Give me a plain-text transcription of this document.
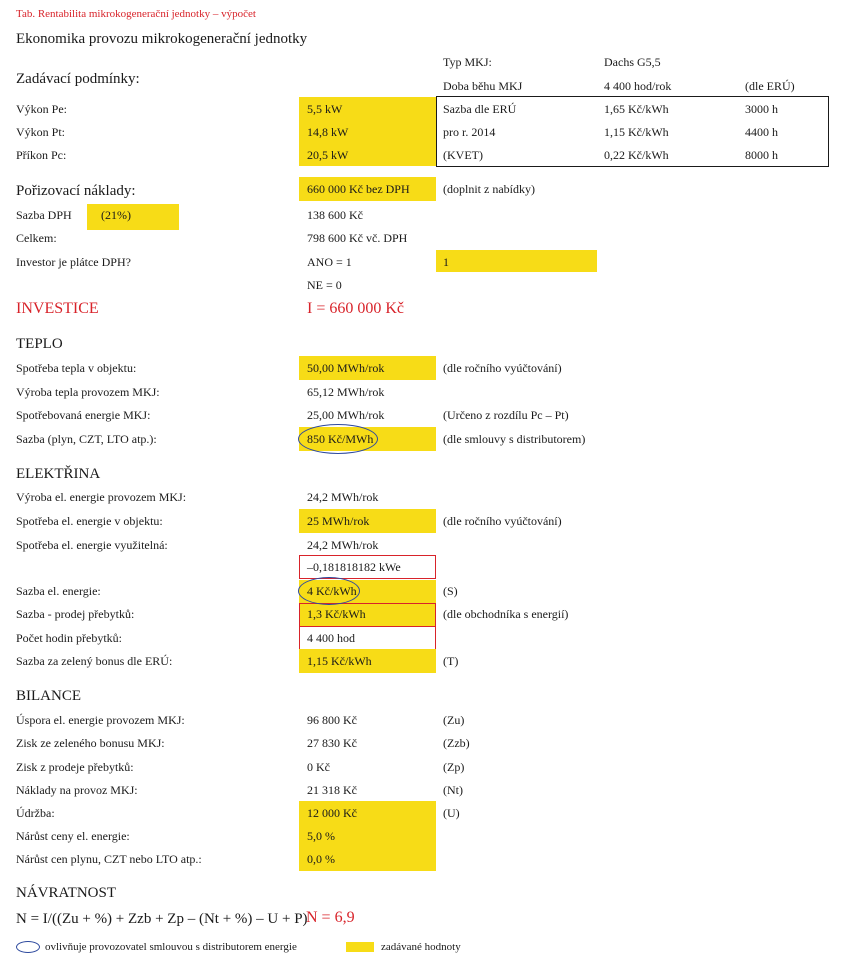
Tab. Rentabilita mikrokogenerační jednotky – výpočet
Ekonomika provozu mikrokogenerační jednotky
Typ MKJ:	Dachs G5,5
Doba běhu MKJ	4 400 hod/rok	(dle ERÚ)
Zadávací podmínky:
Výkon Pe:	5,5 kW
Výkon Pt:	14,8 kW
Příkon Pc:	20,5 kW
Sazba dle ERÚ	1,65 Kč/kWh	3000 h
pro r. 2014	1,15 Kč/kWh	4400 h
(KVET)	0,22 Kč/kWh	8000 h
Pořizovací náklady:	660 000 Kč bez DPH	(doplnit z nabídky)
Sazba DPH (21%)	138 600 Kč
Celkem:	798 600 Kč vč. DPH
Investor je plátce DPH?	ANO = 1	1
NE = 0
INVESTICE	I = 660 000 Kč
TEPLO
Spotřeba tepla v objektu:	50,00 MWh/rok	(dle ročního vyúčtování)
Výroba tepla provozem MKJ:	65,12 MWh/rok
Spotřebovaná energie MKJ:	25,00 MWh/rok	(Určeno z rozdílu Pc – Pt)
Sazba (plyn, CZT, LTO atp.):	850 Kč/MWh	(dle smlouvy s distributorem)
ELEKTŘINA
Výroba el. energie provozem MKJ:	24,2 MWh/rok
Spotřeba el. energie v objektu:	25 MWh/rok	(dle ročního vyúčtování)
Spotřeba el. energie využitelná:	24,2 MWh/rok
–0,181818182 kWe
Sazba el. energie:	4 Kč/kWh	(S)
Sazba - prodej přebytků:	1,3 Kč/kWh	(dle obchodníka s energií)
Počet hodin přebytků:	4 400 hod
Sazba za zelený bonus dle ERÚ:	1,15 Kč/kWh	(T)
BILANCE
Úspora el. energie provozem MKJ:	96 800 Kč	(Zu)
Zisk ze zeleného bonusu MKJ:	27 830 Kč	(Zzb)
Zisk z prodeje přebytků:	0 Kč	(Zp)
Náklady na provoz MKJ:	21 318 Kč	(Nt)
Údržba:	12 000 Kč	(U)
Nárůst ceny el. energie:	5,0 %
Nárůst cen plynu, CZT nebo LTO atp.:	0,0 %
NÁVRATNOST
N = I/((Zu + %) + Zzb + Zp – (Nt + %) – U + P)
N = 6,9
ovlivňuje provozovatel smlouvou s distributorem energie	zadávané hodnoty
